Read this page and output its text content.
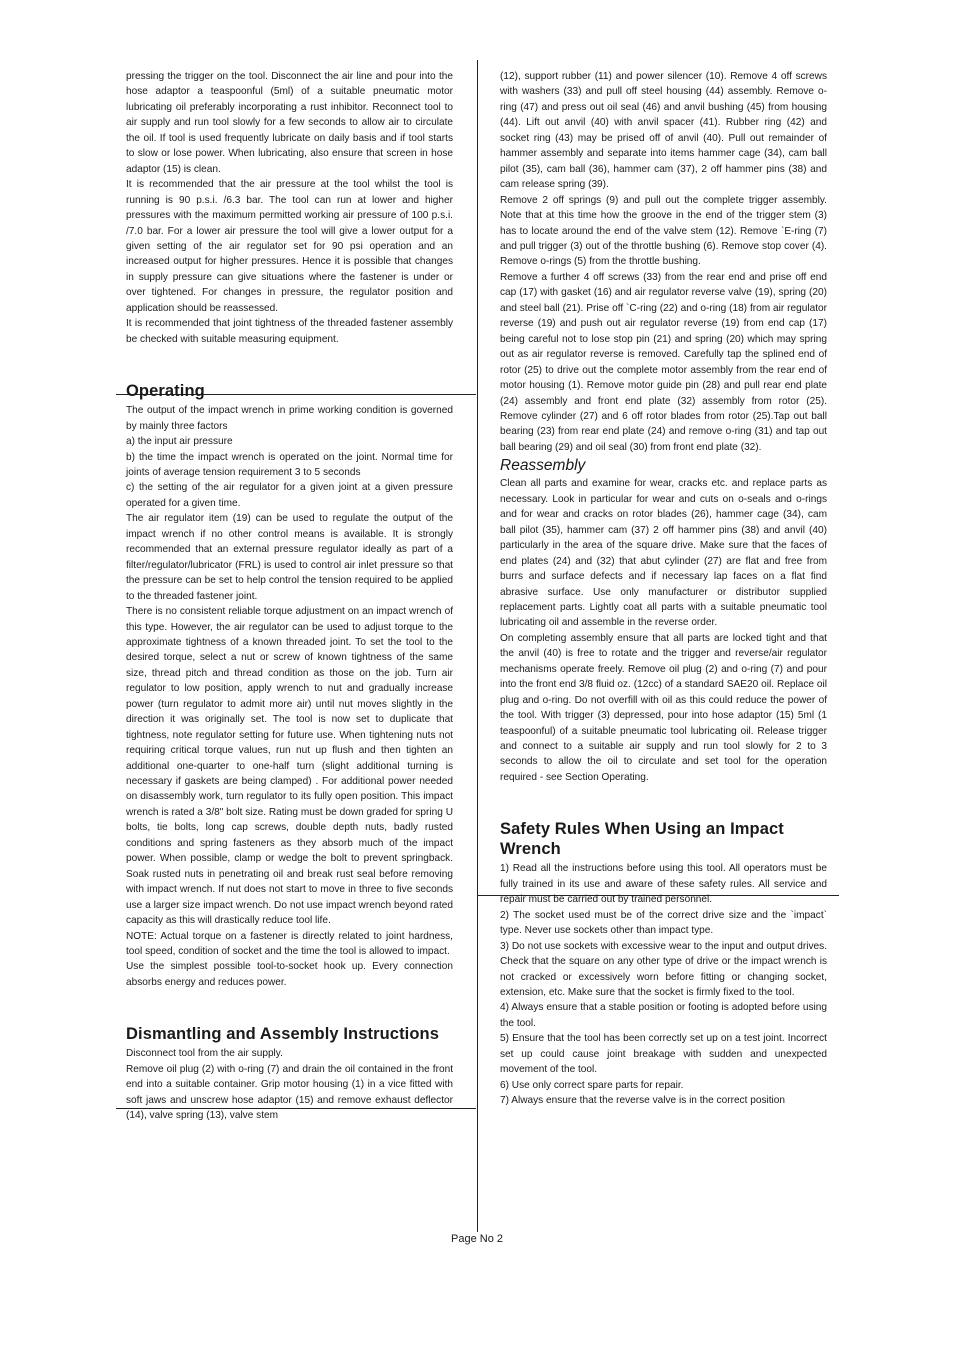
pressing the trigger on the tool. Disconnect the air line and pour into the hose adaptor a teaspoonful (5ml) of a suitable pneumatic motor lubricating oil preferably incorporating a rust inhibitor. Reconnect tool to air supply and run tool slowly for a few seconds to allow air to circulate the oil. If tool is used frequently lubricate on daily basis and if tool starts to slow or lose power. When lubricating, also ensure that screen in hose adaptor (15) is clean.

It is recommended that the air pressure at the tool whilst the tool is running is 90 p.s.i. /6.3 bar. The tool can run at lower and higher pressures with the maximum permitted working air pressure of 100 p.s.i. /7.0 bar. For a lower air pressure the tool will give a lower output for a given setting of the air regulator set for 90 psi operation and an increased output for higher pressures. Hence it is possible that changes in supply pressure can give situations where the fastener is under or over tightened. For changes in pressure, the regulator position and application should be reassessed.

It is recommended that joint tightness of the threaded fastener assembly be checked with suitable measuring equipment.

Operating

The output of the impact wrench in prime working condition is governed by mainly three factors

a) the input air pressure

b) the time the impact wrench is operated on the joint. Normal time for joints of average tension requirement 3 to 5 seconds

c) the setting of the air regulator for a given joint at a given pressure operated for a given time.

The air regulator item (19) can be used to regulate the output of the impact wrench if no other control means is available. It is strongly recommended that an external pressure regulator ideally as part of a filter/regulator/lubricator (FRL) is used to control air inlet pressure so that the pressure can be set to help control the tension required to be applied to the threaded fastener joint.

There is no consistent reliable torque adjustment on an impact wrench of this type. However, the air regulator can be used to adjust torque to the approximate tightness of a known threaded joint. To set the tool to the desired torque, select a nut or screw of known tightness of the same size, thread pitch and thread condition as those on the job. Turn air regulator to low position, apply wrench to nut and gradually increase power (turn regulator to admit more air) until nut moves slightly in the direction it was originally set. The tool is now set to duplicate that tightness, note regulator setting for future use. When tightening nuts not requiring critical torque values, run nut up flush and then tighten an additional one-quarter to one-half turn (slight additional turning is necessary if gaskets are being clamped) . For additional power needed on disassembly work, turn regulator to its fully open position. This impact wrench is rated a 3/8" bolt size. Rating must be down graded for spring U bolts, tie bolts, long cap screws, double depth nuts, badly rusted conditions and spring fasteners as they absorb much of the impact power. When possible, clamp or wedge the bolt to prevent springback. Soak rusted nuts in penetrating oil and break rust seal before removing with impact wrench. If nut does not start to move in three to five seconds use a larger size impact wrench. Do not use impact wrench beyond rated capacity as this will drastically reduce tool life.

NOTE: Actual torque on a fastener is directly related to joint hardness, tool speed, condition of socket and the time the tool is allowed to impact.

Use the simplest possible tool-to-socket hook up. Every connection absorbs energy and reduces power.

Dismantling and Assembly Instructions

Disconnect tool from the air supply.

Remove oil plug (2) with o-ring (7) and drain the oil contained in the front end into a suitable container. Grip motor housing (1) in a vice fitted with soft jaws and unscrew hose adaptor (15) and remove exhaust deflector (14), valve spring (13), valve stem

(12), support rubber (11) and power silencer (10). Remove 4 off screws with washers (33) and pull off steel housing (44) assembly. Remove o-ring (47) and press out oil seal (46) and anvil bushing (45) from housing (44). Lift out anvil (40) with anvil spacer (41). Rubber ring (42) and socket ring (43) may be prised off of anvil (40). Pull out remainder of hammer assembly and separate into items hammer cage (34), cam ball pilot (35), cam ball (36), hammer cam (37), 2 off hammer pins (38) and cam release spring (39).

Remove 2 off springs (9) and pull out the complete trigger assembly. Note that at this time how the groove in the end of the trigger stem (3) has to locate around the end of the valve stem (12). Remove `E-ring (7) and pull trigger (3) out of the throttle bushing (6). Remove stop cover (4). Remove o-rings (5) from the throttle bushing.

Remove a further 4 off screws (33) from the rear end and prise off end cap (17) with gasket (16) and air regulator reverse valve (19), spring (20) and steel ball (21). Prise off `C-ring (22) and o-ring (18) from air regulator reverse (19) and push out air regulator reverse (19) from end cap (17) being careful not to lose stop pin (21) and spring (20) which may spring out as air regulator reverse is removed. Carefully tap the splined end of rotor (25) to drive out the complete motor assembly from the rear end of motor housing (1). Remove motor guide pin (28) and pull rear end plate (24) assembly and front end plate (32) assembly from rotor (25). Remove cylinder (27) and 6 off rotor blades from rotor (25).Tap out ball bearing (23) from rear end plate (24) and remove o-ring (31) and tap out ball bearing (29) and oil seal (30) from front end plate (32).

Reassembly

Clean all parts and examine for wear, cracks etc. and replace parts as necessary. Look in particular for wear and cuts on o-seals and o-rings and for wear and cracks on rotor blades (26), hammer cage (34), cam ball pilot (35), hammer cam (37) 2 off hammer pins (38) and anvil (40) particularly in the area of the square drive. Make sure that the faces of end plates (24) and (32) that abut cylinder (27) are flat and free from burrs and surface defects and if necessary lap faces on a flat find abrasive surface. Use only manufacturer or distributor supplied replacement parts. Lightly coat all parts with a suitable pneumatic tool lubricating oil and assemble in the reverse order.

On completing assembly ensure that all parts are locked tight and that the anvil (40) is free to rotate and the trigger and reverse/air regulator mechanisms operate freely. Remove oil plug (2) and o-ring (7) and pour into the front end 3/8 fluid oz. (12cc) of a standard SAE20 oil. Replace oil plug and o-ring. Do not overfill with oil as this could reduce the power of the tool. With trigger (3) depressed, pour into hose adaptor (15) 5ml (1 teaspoonful) of a suitable pneumatic tool lubricating oil. Release trigger and connect to a suitable air supply and run tool slowly for 2 to 3 seconds to allow the oil to circulate and set tool for the operation required - see Section Operating.

Safety Rules When Using an Impact Wrench

1) Read all the instructions before using this tool. All operators must be fully trained in its use and aware of these safety rules. All service and repair must be carried out by trained personnel.

2) The socket used must be of the correct drive size and the `impact` type. Never use sockets other than impact type.

3) Do not use sockets with excessive wear to the input and output drives. Check that the square on any other type of drive or the impact wrench is not cracked or excessively worn before fitting or changing socket, extension, etc. Make sure that the socket is firmly fixed to the tool.

4) Always ensure that a stable position or footing is adopted before using the tool.

5) Ensure that the tool has been correctly set up on a test joint. Incorrect set up could cause joint breakage with sudden and unexpected movement of the tool.

6) Use only correct spare parts for repair.

7) Always ensure that the reverse valve is in the correct position

Page No 2
